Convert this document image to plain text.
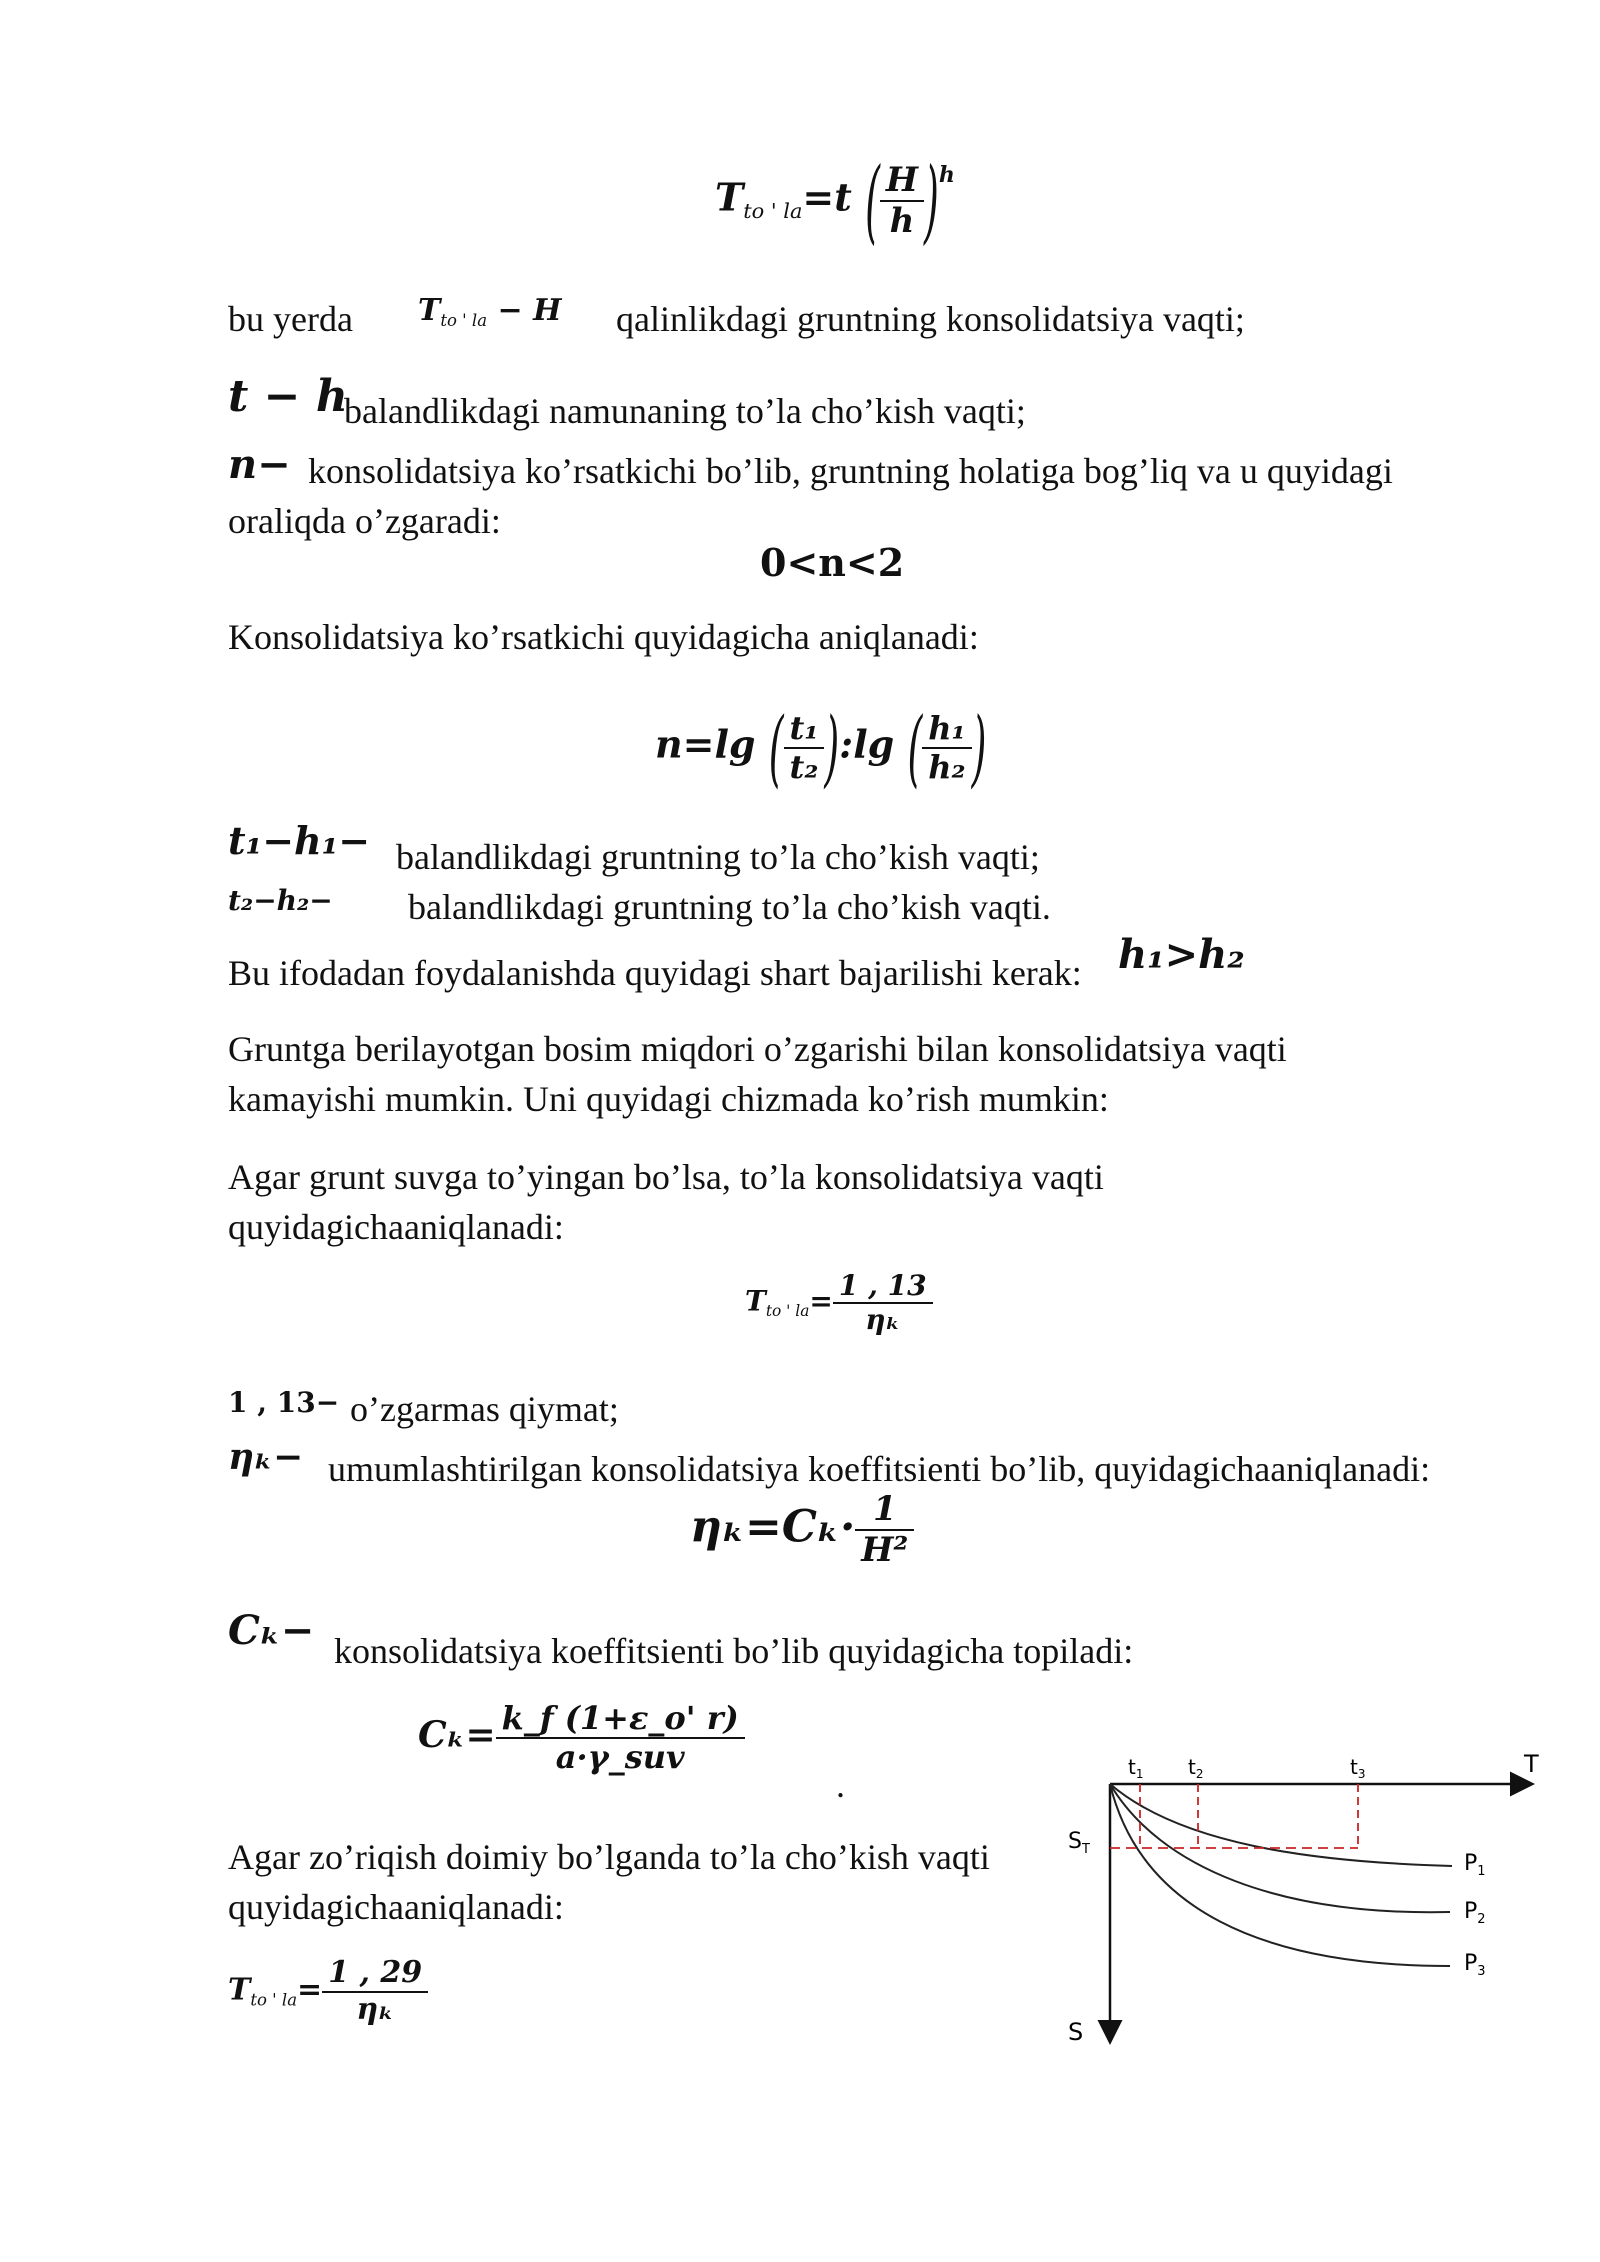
$T_{to ' la}=t$ ( $\frac{H}{h} )^h$
bu yerda $T_{to ' la} - H$ qalinlikdagi gruntning konsolidatsiya vaqti;
t − h
balandlikdagi namunaning to’la cho’kish vaqti;
n− konsolidatsiya ko’rsatkichi bo’lib, gruntning holatiga bog’liq va u quyidagi
oraliqda o’zgaradi:
0<n<2
Konsolidatsiya ko’rsatkichi quyidagicha aniqlanadi:
n=lg ( $\frac{\text{t₁}}{\text{t₂}}$ ):lg ( $\frac{\text{h₁}}{\text{h₂}}$ )
t₁−h₁− balandlikdagi gruntning to’la cho’kish vaqti;
t₂−h₂− balandlikdagi gruntning to’la cho’kish vaqti.
Bu ifodadan foydalanishda quyidagi shart bajarilishi kerak: h₁>h₂
Gruntga berilayotgan bosim miqdori o’zgarishi bilan konsolidatsiya vaqti
kamayishi mumkin. Uni quyidagi chizmada ko’rish mumkin:
Agar grunt suvga to’yingan bo’lsa, to’la konsolidatsiya vaqti
quyidagichaaniqlanadi:
$T_{to ' la}= \frac{1 , 13}{\text{ηₖ}}$
1 , 13− o’zgarmas qiymat;
ηₖ− umumlashtirilgan konsolidatsiya koeffitsienti bo’lib, quyidagichaaniqlanadi:
$\eta_k=C_k\cdot \frac{1}{\text{H²}}$
Cₖ− konsolidatsiya koeffitsienti bo’lib quyidagicha topiladi:
$C_k= \frac{k\_f (1+\varepsilon\_o' r)}{\text{a·γ\_suv}}$
.
Agar zo’riqish doimiy bo’lganda to’la cho’kish vaqti
quyidagichaaniqlanadi:
$T_{to ' la}= \frac{1 , 29}{\text{ηₖ}}$
$t_1$ $t_2$	$t_3$	T
$S_T$
S
$P_1$
$P_2$
$P_3$
